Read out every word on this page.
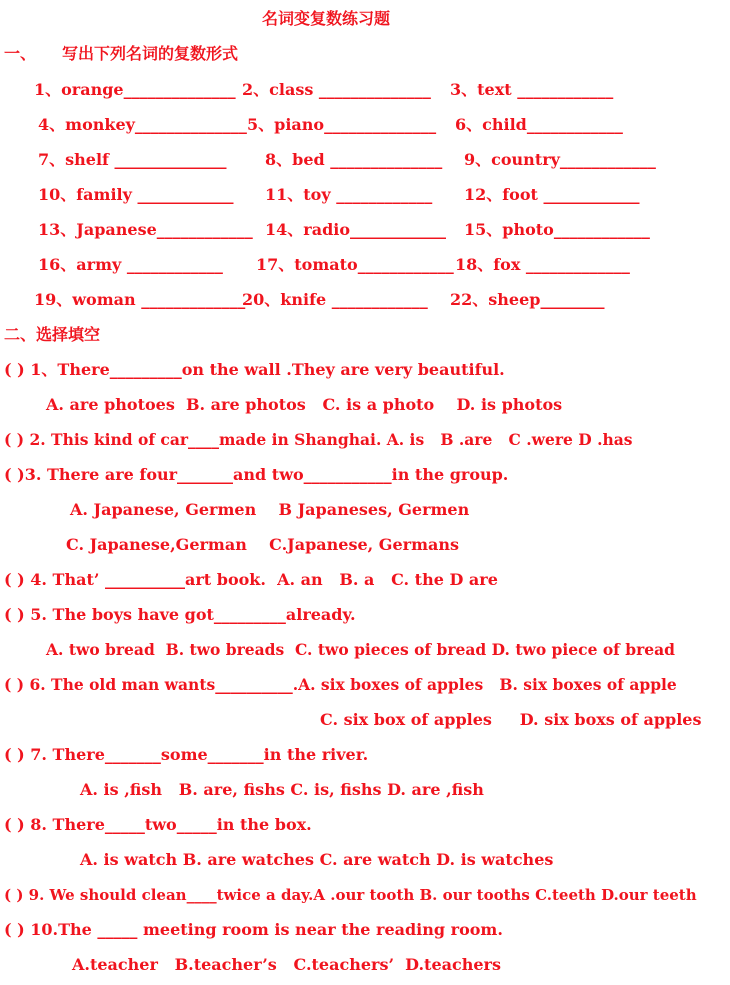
名词变复数练习题
一、 写出下列名词的复数形式
1、orange______________ 2、class ______________ 3、text ____________
4、monkey______________ 5、piano______________ 6、child____________
7、shelf ______________ 8、bed ______________ 9、country____________
10、family ____________ 11、toy ____________ 12、foot ____________
13、Japanese____________ 14、radio____________ 15、photo____________
16、army ____________ 17、tomato____________ 18、fox _____________
19、woman _____________
20、knife ____________ 22、sheep________
二、选择填空
( ) 1、There_________on the wall .They are very beautiful.
A. are photoes  B. are photos   C. is a photo    D. is photos
( ) 2. This kind of car____made in Shanghai. A. is   B .are   C .were D .has
( )3. There are four_______and two___________in the group.
A. Japanese, Germen    B Japaneses, Germen
C. Japanese,German    C.Japanese, Germans
( ) 4. That’ __________art book.  A. an   B. a   C. the D are
( ) 5. The boys have got_________already.
A. two bread  B. two breads  C. two pieces of bread D. two piece of bread
( ) 6. The old man wants__________.A. six boxes of apples   B. six boxes of apple
C. six box of apples     D. six boxs of apples
( ) 7. There_______some_______in the river.
A. is ,fish   B. are, fishs C. is, fishs D. are ,fish
( ) 8. There_____two_____in the box.
A. is watch B. are watches C. are watch D. is watches
( ) 9. We should clean____twice a day.A .our tooth B. our tooths C.teeth D.our teeth
( ) 10.The _____ meeting room is near the reading room.
A.teacher   B.teacher’s   C.teachers’  D.teachers
